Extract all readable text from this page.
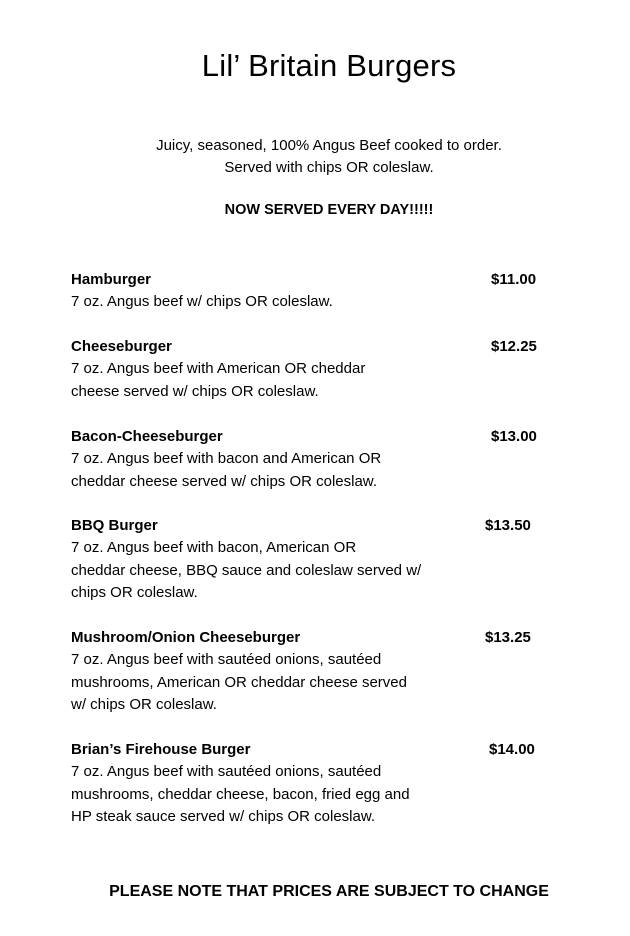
Lil’ Britain Burgers
Juicy, seasoned, 100% Angus Beef cooked to order.
Served with chips OR coleslaw.
NOW SERVED EVERY DAY!!!!!
Hamburger	$11.00
7 oz. Angus beef w/ chips OR coleslaw.
Cheeseburger	$12.25
7 oz. Angus beef with American OR cheddar
cheese served w/ chips OR coleslaw.
Bacon-Cheeseburger	$13.00
7 oz. Angus beef with bacon and American OR
cheddar cheese served w/ chips OR coleslaw.
BBQ Burger	$13.50
7 oz. Angus beef with bacon, American OR
cheddar cheese, BBQ sauce and coleslaw served w/
chips OR coleslaw.
Mushroom/Onion Cheeseburger	$13.25
7 oz. Angus beef with sautéed onions, sautéed
mushrooms, American OR cheddar cheese served
w/ chips OR coleslaw.
Brian’s Firehouse Burger	$14.00
7 oz. Angus beef with sautéed onions, sautéed
mushrooms, cheddar cheese, bacon, fried egg and
HP steak sauce served w/ chips OR coleslaw.
PLEASE NOTE THAT PRICES ARE SUBJECT TO CHANGE
